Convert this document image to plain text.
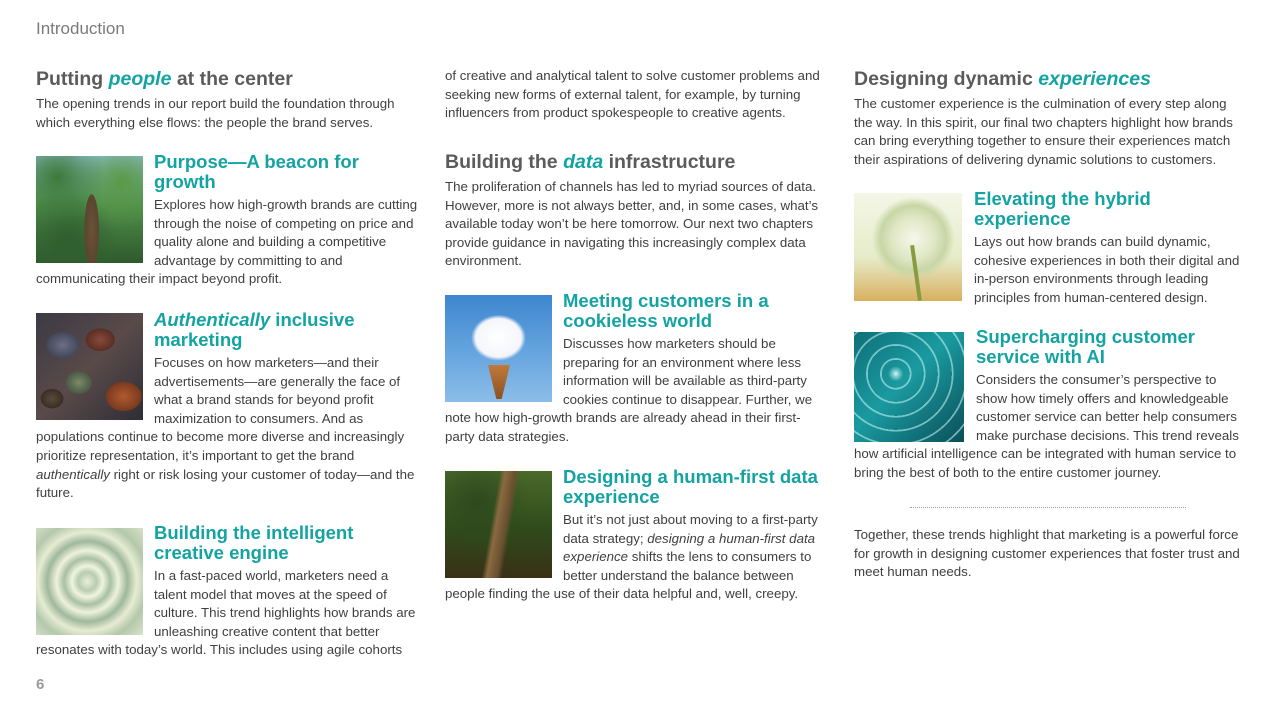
Introduction
Putting people at the center

The opening trends in our report build the foundation through which everything else flows: the people the brand serves.

Purpose—A beacon for growth

Explores how high-growth brands are cutting through the noise of competing on price and quality alone and building a competitive advantage by committing to and communicating their impact beyond profit.

Authentically inclusive marketing

Focuses on how marketers—and their advertisements—are generally the face of what a brand stands for beyond profit maximization to consumers. And as populations continue to become more diverse and increasingly prioritize representation, it’s important to get the brand authentically right or risk losing your customer of today—and the future.

Building the intelligent creative engine

In a fast-paced world, marketers need a talent model that moves at the speed of culture. This trend highlights how brands are unleashing creative content that better resonates with today’s world. This includes using agile cohorts

of creative and analytical talent to solve customer problems and seeking new forms of external talent, for example, by turning influencers from product spokespeople to creative agents.

Building the data infrastructure

The proliferation of channels has led to myriad sources of data. However, more is not always better, and, in some cases, what’s available today won’t be here tomorrow. Our next two chapters provide guidance in navigating this increasingly complex data environment.

Meeting customers in a cookieless world

Discusses how marketers should be preparing for an environment where less information will be available as third-party cookies continue to disappear. Further, we note how high-growth brands are already ahead in their first-party data strategies.

Designing a human-first data experience

But it’s not just about moving to a first-party data strategy; designing a human-first data experience shifts the lens to consumers to better understand the balance between people finding the use of their data helpful and, well, creepy.

Designing dynamic experiences

The customer experience is the culmination of every step along the way. In this spirit, our final two chapters highlight how brands can bring everything together to ensure their experiences match their aspirations of delivering dynamic solutions to customers.

Elevating the hybrid experience

Lays out how brands can build dynamic, cohesive experiences in both their digital and in-person environments through leading principles from human-centered design.

Supercharging customer service with AI

Considers the consumer’s perspective to show how timely offers and knowledgeable customer service can better help consumers make purchase decisions. This trend reveals how artificial intelligence can be integrated with human service to bring the best of both to the entire customer journey.

Together, these trends highlight that marketing is a powerful force for growth in designing customer experiences that foster trust and meet human needs.

6
